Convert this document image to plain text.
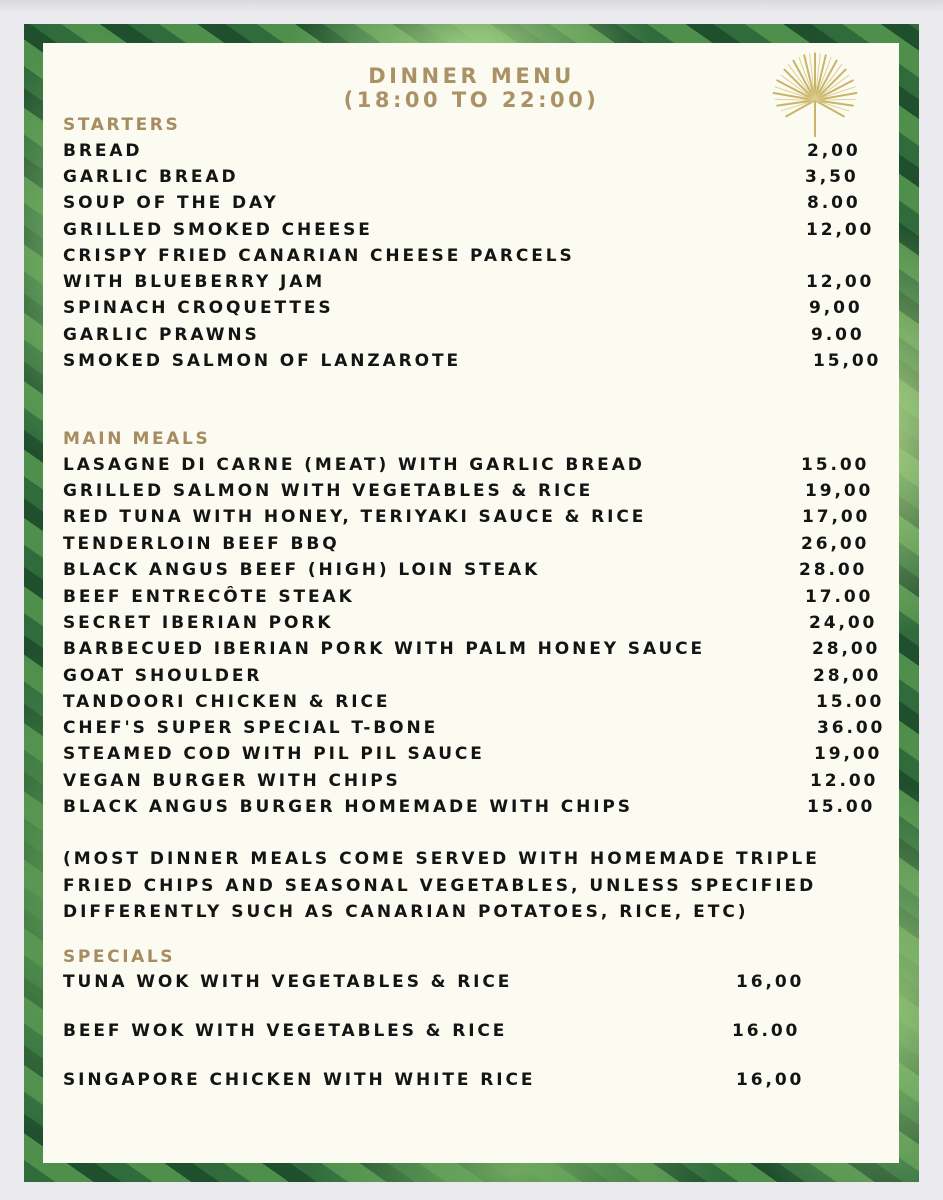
DINNER MENU
(18:00 TO 22:00)
STARTERS
BREAD	2,00
GARLIC BREAD	3,50
SOUP OF THE DAY	8.00
GRILLED SMOKED CHEESE	12,00
CRISPY FRIED CANARIAN CHEESE PARCELS
WITH BLUEBERRY JAM	12,00
SPINACH CROQUETTES	9,00
GARLIC PRAWNS	9.00
SMOKED SALMON OF LANZAROTE	15,00
MAIN MEALS
LASAGNE DI CARNE (MEAT) WITH GARLIC BREAD	15.00
GRILLED SALMON WITH VEGETABLES & RICE	19,00
RED TUNA WITH HONEY, TERIYAKI SAUCE & RICE	17,00
TENDERLOIN BEEF BBQ	26,00
BLACK ANGUS BEEF (HIGH) LOIN STEAK	28.00
BEEF ENTRECÔTE STEAK	17.00
SECRET IBERIAN PORK	24,00
BARBECUED IBERIAN PORK WITH PALM HONEY SAUCE	28,00
GOAT SHOULDER	28,00
TANDOORI CHICKEN & RICE	15.00
CHEF'S SUPER SPECIAL T-BONE	36.00
STEAMED COD WITH PIL PIL SAUCE	19,00
VEGAN BURGER WITH CHIPS	12.00
BLACK ANGUS BURGER HOMEMADE WITH CHIPS	15.00
(MOST DINNER MEALS COME SERVED WITH HOMEMADE TRIPLE
FRIED CHIPS AND SEASONAL VEGETABLES, UNLESS SPECIFIED
DIFFERENTLY SUCH AS CANARIAN POTATOES, RICE, ETC)
SPECIALS
TUNA WOK WITH VEGETABLES & RICE	16,00
BEEF WOK WITH VEGETABLES & RICE	16.00
SINGAPORE CHICKEN WITH WHITE RICE	16,00
